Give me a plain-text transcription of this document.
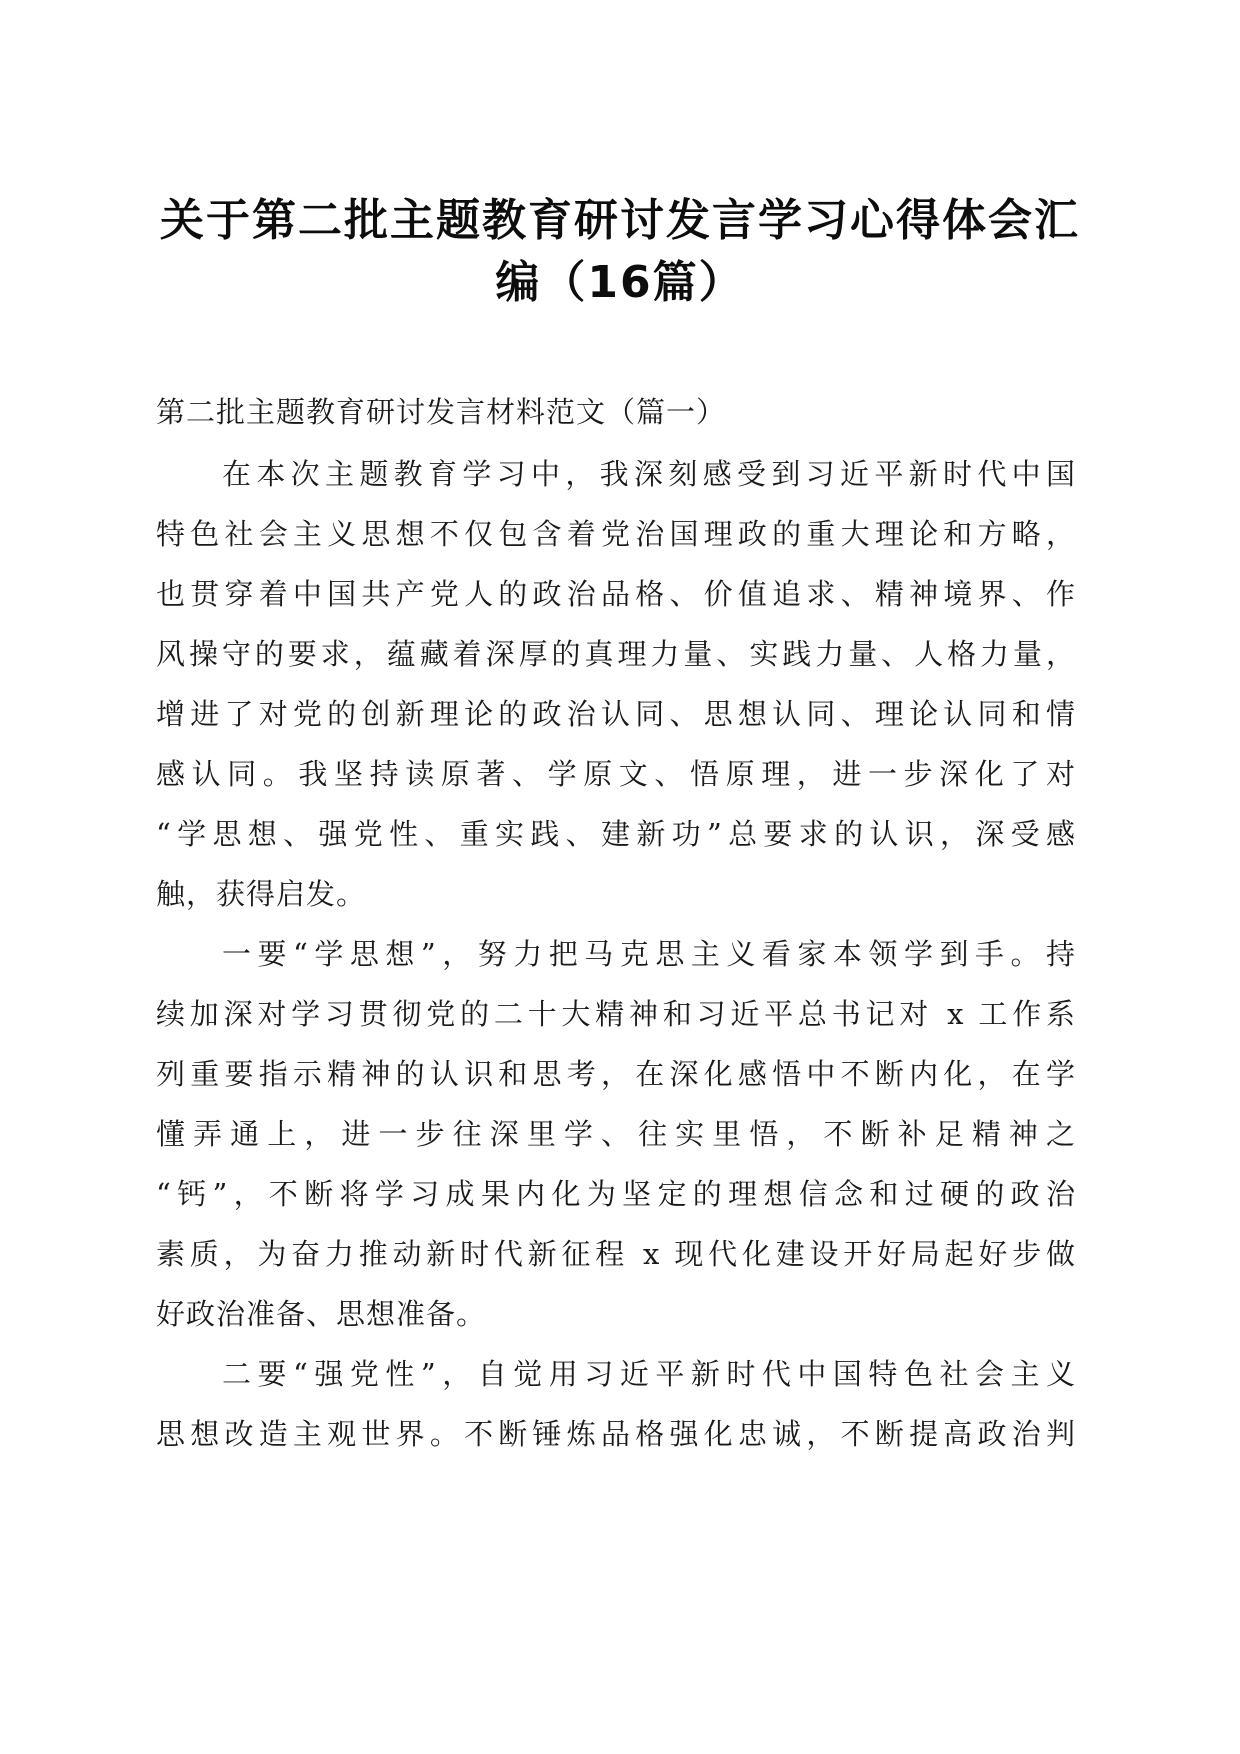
关于第二批主题教育研讨发言学习心得体会汇
编（16篇）

第二批主题教育研讨发言材料范文（篇一）

在本次主题教育学习中，我深刻感受到习近平新时代中国

特色社会主义思想不仅包含着党治国理政的重大理论和方略，

也贯穿着中国共产党人的政治品格、价值追求、精神境界、作

风操守的要求，蕴藏着深厚的真理力量、实践力量、人格力量，

增进了对党的创新理论的政治认同、思想认同、理论认同和情

感认同。我坚持读原著、学原文、悟原理，进一步深化了对

“学思想、强党性、重实践、建新功”总要求的认识，深受感

触，获得启发。

一要“学思想”，努力把马克思主义看家本领学到手。持

续加深对学习贯彻党的二十大精神和习近平总书记对 x 工作系

列重要指示精神的认识和思考，在深化感悟中不断内化，在学

懂弄通上，进一步往深里学、往实里悟，不断补足精神之

“钙”，不断将学习成果内化为坚定的理想信念和过硬的政治

素质，为奋力推动新时代新征程 x 现代化建设开好局起好步做

好政治准备、思想准备。

二要“强党性”，自觉用习近平新时代中国特色社会主义

思想改造主观世界。不断锤炼品格强化忠诚，不断提高政治判
